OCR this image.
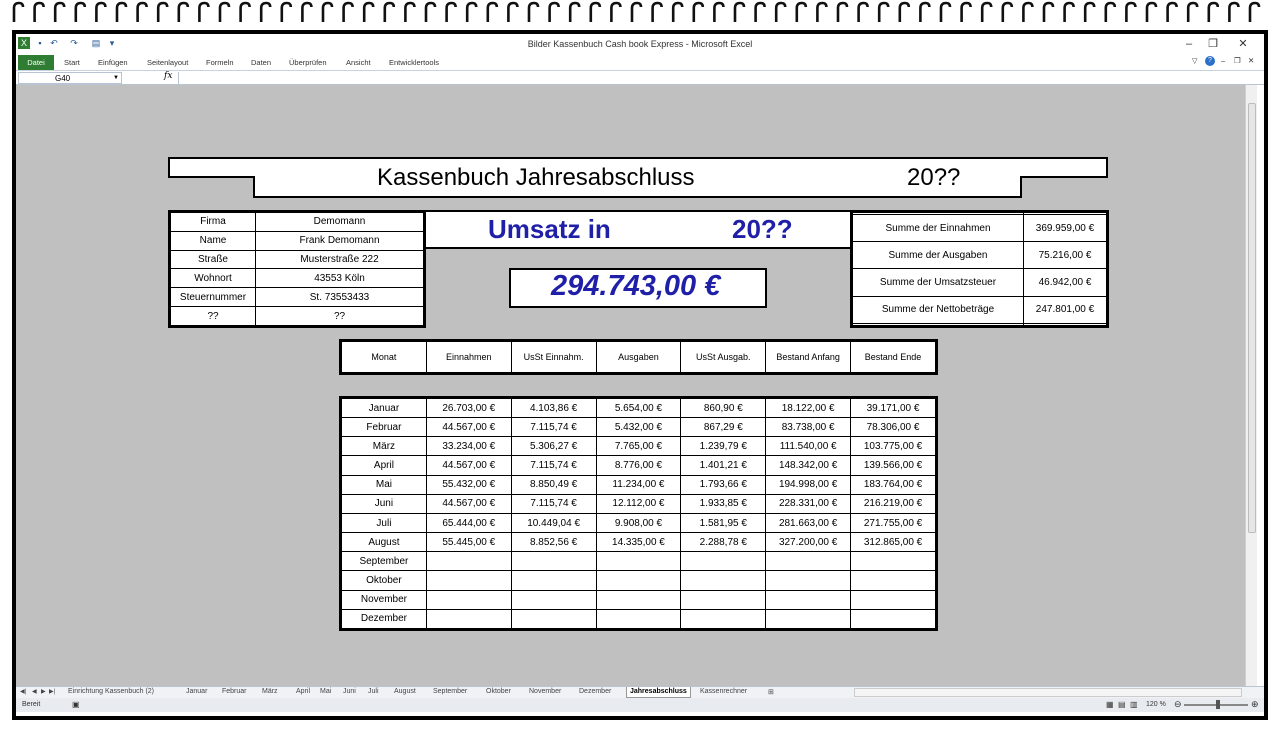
X	▪ ↶ ↷ ▤	▾	Bilder Kassenbuch Cash book Express - Microsoft Excel	–	❐ ✕
Datei	Start Einfügen	Seitenlayout Formeln Daten Überprüfen	Ansicht Entwicklertools	▽	?	– ❐ ✕
G40	▼	fx
Kassenbuch Jahresabschluss	20??
Firma	Demomann
Name	Frank Demomann
Straße	Musterstraße 222
Wohnort	43553 Köln
Steuernummer	St. 73553433
??	??
Umsatz in	20??
294.743,00 €

Summe der Einnahmen	369.959,00 €
Summe der Ausgaben	75.216,00 €
Summe der Umsatzsteuer	46.942,00 €
Summe der Nettobeträge	247.801,00 €

Monat	Einnahmen	UsSt Einnahm.	Ausgaben	UsSt Ausgab.	Bestand Anfang	Bestand Ende
Januar	26.703,00 €	4.103,86 €	5.654,00 €	860,90 €	18.122,00 €	39.171,00 €
Februar	44.567,00 €	7.115,74 €	5.432,00 €	867,29 €	83.738,00 €	78.306,00 €
März	33.234,00 €	5.306,27 €	7.765,00 €	1.239,79 €	111.540,00 €	103.775,00 €
April	44.567,00 €	7.115,74 €	8.776,00 €	1.401,21 €	148.342,00 €	139.566,00 €
Mai	55.432,00 €	8.850,49 €	11.234,00 €	1.793,66 €	194.998,00 €	183.764,00 €
Juni	44.567,00 €	7.115,74 €	12.112,00 €	1.933,85 €	228.331,00 €	216.219,00 €
Juli	65.444,00 €	10.449,04 €	9.908,00 €	1.581,95 €	281.663,00 €	271.755,00 €
August	55.445,00 €	8.852,56 €	14.335,00 €	2.288,78 €	327.200,00 €	312.865,00 €
September						
Oktober						
November						
Dezember						
◀| ◀ ▶ ▶| Einrichtung Kassenbuch (2)	Januar Februar März	April Mai Juni Juli August September	Oktober	November	Dezember	Jahresabschluss	Kassenrechner	⊞
Bereit	▣	▦ ▤ ▥ 120 % ⊖	⊕
